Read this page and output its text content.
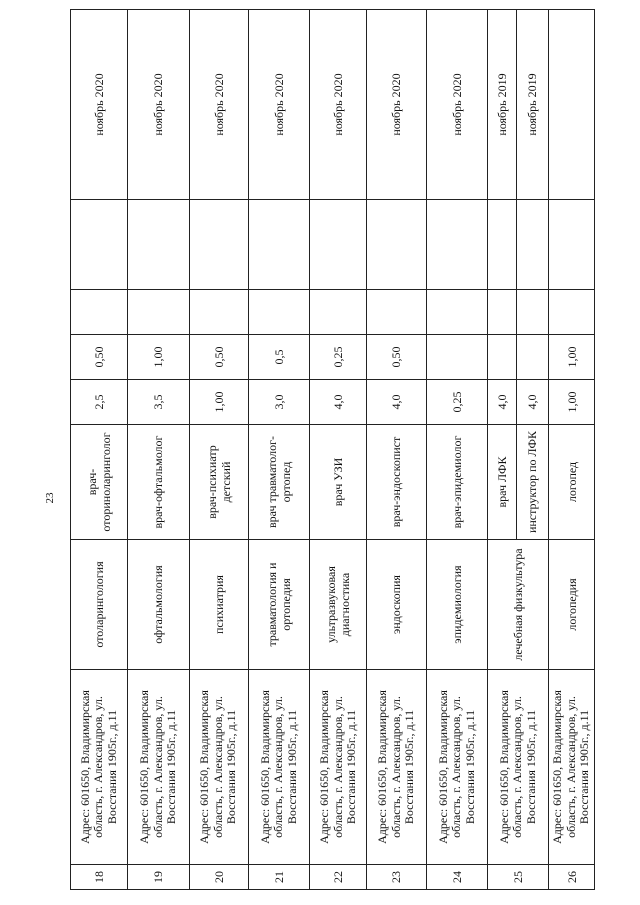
23
18	Адрес: 601650, Владимирская область, г. Александров, ул. Восстания 1905г., д.11	отоларингология	врач-оториноларинголог	2,5	0,50			ноябрь 2020
19	Адрес: 601650, Владимирская область, г. Александров, ул. Восстания 1905г., д.11	офтальмология	врач-офтальмолог	3,5	1,00			ноябрь 2020
20	Адрес: 601650, Владимирская область, г. Александров, ул. Восстания 1905г., д.11	психиатрия	врач-психиатр детский	1,00	0,50			ноябрь 2020
21	Адрес: 601650, Владимирская область, г. Александров, ул. Восстания 1905г., д.11	травматология и ортопедия	врач травматолог-ортопед	3,0	0,5			ноябрь 2020
22	Адрес: 601650, Владимирская область, г. Александров, ул. Восстания 1905г., д.11	ультразвуковая диагностика	врач УЗИ	4,0	0,25			ноябрь 2020
23	Адрес: 601650, Владимирская область, г. Александров, ул. Восстания 1905г., д.11	эндоскопия	врач-эндоскопист	4,0	0,50			ноябрь 2020
24	Адрес: 601650, Владимирская область, г. Александров, ул. Восстания 1905г., д.11	эпидемиология	врач-эпидемиолог	0,25				ноябрь 2020
25	Адрес: 601650, Владимирская область, г. Александров, ул. Восстания 1905г., д.11	лечебная физкультура	врач ЛФК	4,0				ноябрь 2019
			инструктор по ЛФК	4,0				ноябрь 2019
26	Адрес: 601650, Владимирская область, г. Александров, ул. Восстания 1905г., д.11	логопедия	логопед	1,00	1,00			
